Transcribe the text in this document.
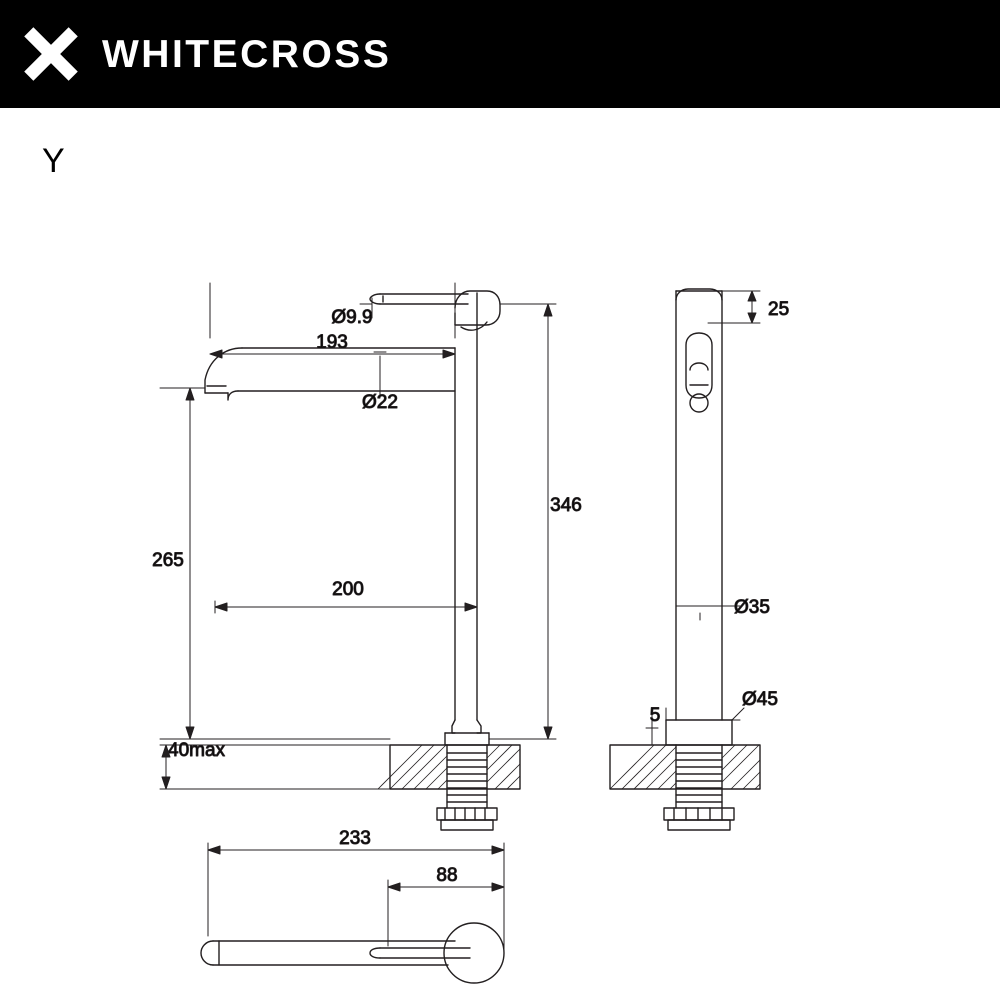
WHITECROSS
Y
193
Ø9.9
Ø22
346
265
200
40max
25
Ø35
Ø45
5
233
88
